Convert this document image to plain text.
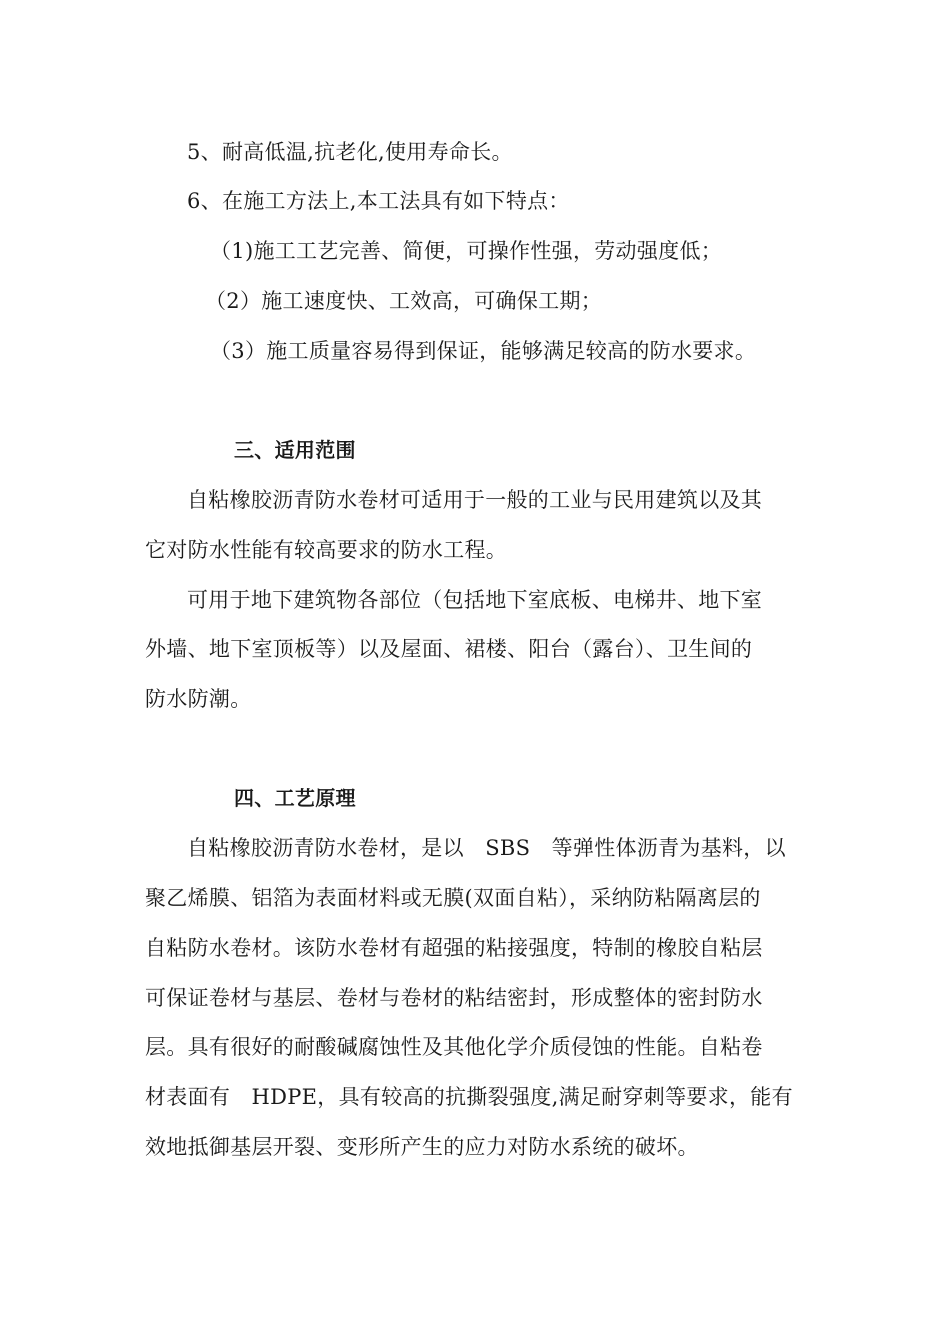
5、耐高低温,抗老化,使用寿命长。
6、在施工方法上,本工法具有如下特点：
（1)施工工艺完善、简便，可操作性强，劳动强度低；
（2）施工速度快、工效高，可确保工期；
（3）施工质量容易得到保证，能够满足较高的防水要求。
三、适用范围
自粘橡胶沥青防水卷材可适用于一般的工业与民用建筑以及其
它对防水性能有较高要求的防水工程。
可用于地下建筑物各部位（包括地下室底板、电梯井、地下室
外墙、地下室顶板等）以及屋面、裙楼、阳台（露台）、卫生间的
防水防潮。
四、工艺原理
自粘橡胶沥青防水卷材，是以　SBS　等弹性体沥青为基料，以
聚乙烯膜、铝箔为表面材料或无膜(双面自粘），采纳防粘隔离层的
自粘防水卷材。该防水卷材有超强的粘接强度，特制的橡胶自粘层
可保证卷材与基层、卷材与卷材的粘结密封，形成整体的密封防水
层。具有很好的耐酸碱腐蚀性及其他化学介质侵蚀的性能。自粘卷
材表面有　HDPE，具有较高的抗撕裂强度,满足耐穿刺等要求，能有
效地抵御基层开裂、变形所产生的应力对防水系统的破坏。
